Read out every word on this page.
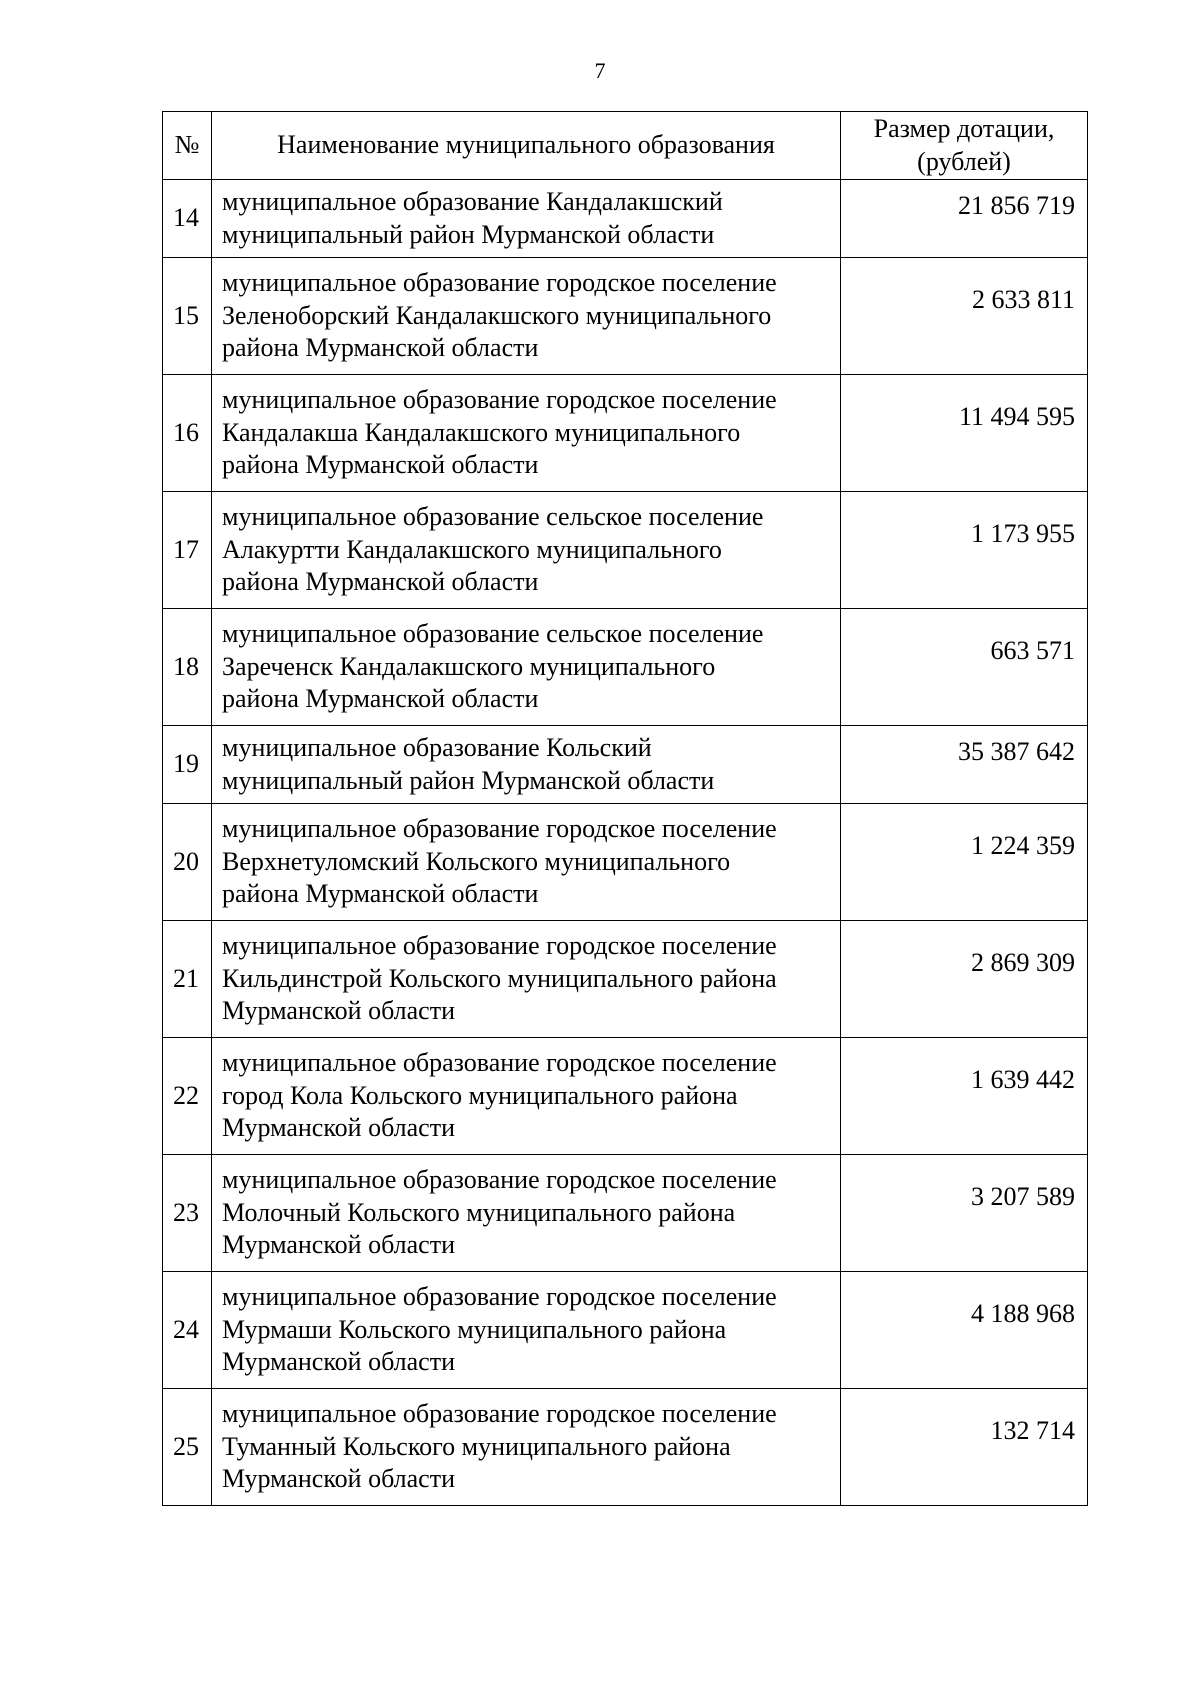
7
№	Наименование муниципального образования	Размер дотации,
(рублей)

14	муниципальное образование Кандалакшский
муниципальный район Мурманской области	21 856 719
15	муниципальное образование городское поселение
Зеленоборский Кандалакшского муниципального
района Мурманской области	2 633 811
16	муниципальное образование городское поселение
Кандалакша Кандалакшского муниципального
района Мурманской области	11 494 595
17	муниципальное образование сельское поселение
Алакуртти Кандалакшского муниципального
района Мурманской области	1 173 955
18	муниципальное образование сельское поселение
Зареченск Кандалакшского муниципального
района Мурманской области	663 571
19	муниципальное образование Кольский
муниципальный район Мурманской области	35 387 642
20	муниципальное образование городское поселение
Верхнетуломский Кольского муниципального
района Мурманской области	1 224 359
21	муниципальное образование городское поселение
Кильдинстрой Кольского муниципального района
Мурманской области	2 869 309
22	муниципальное образование городское поселение
город Кола Кольского муниципального района
Мурманской области	1 639 442
23	муниципальное образование городское поселение
Молочный Кольского муниципального района
Мурманской области	3 207 589
24	муниципальное образование городское поселение
Мурмаши Кольского муниципального района
Мурманской области	4 188 968
25	муниципальное образование городское поселение
Туманный Кольского муниципального района
Мурманской области	132 714
